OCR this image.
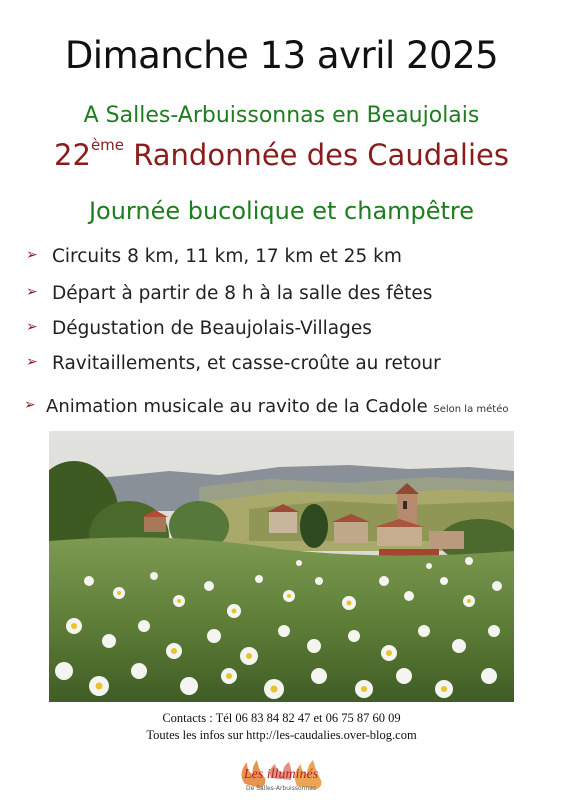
Dimanche 13 avril 2025
A Salles-Arbuissonnas en Beaujolais
22ème Randonnée des Caudalies
Journée bucolique et champêtre
➢ Circuits 8 km, 11 km, 17 km et 25 km
➢ Départ à partir de 8 h à la salle des fêtes
➢ Dégustation de Beaujolais-Villages
➢ Ravitaillements, et casse-croûte au retour
➢ Animation musicale au ravito de la Cadole Selon la météo
Contacts : Tél 06 83 84 82 47 et 06 75 87 60 09
Toutes les infos sur http://les-caudalies.over-blog.com
Les illuminés
De Salles-Arbuissonnas
